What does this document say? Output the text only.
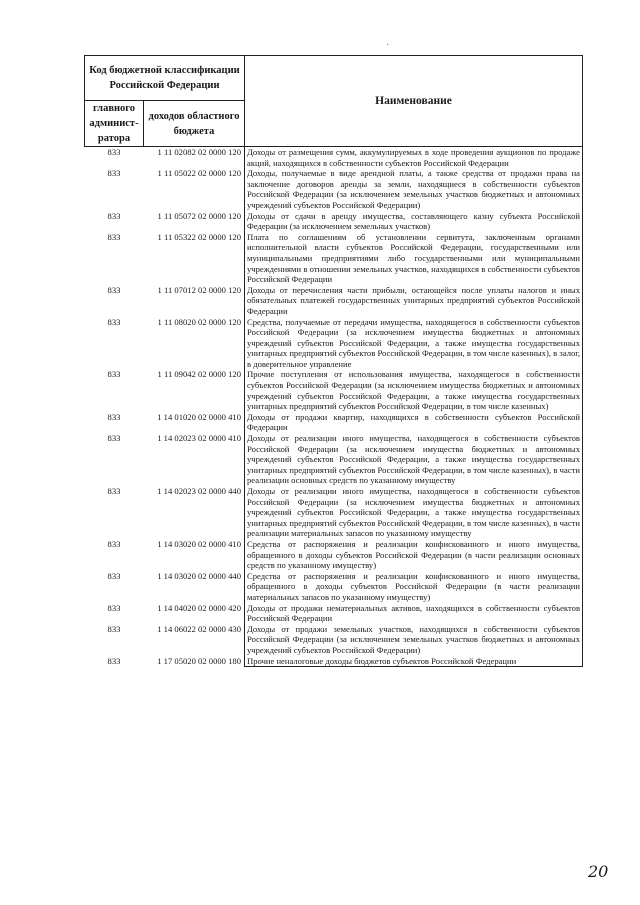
·
Код бюджетной классификации Российской Федерации		Наименование
главного админист-ратора	доходов областного бюджета	
833	1 11 02082 02 0000 120	Доходы от размещения сумм, аккумулируемых в ходе проведения аукционов по продаже акций, находящихся в собственности субъектов Российской Федерации
833	1 11 05022 02 0000 120	Доходы, получаемые в виде арендной платы, а также средства от продажи права на заключение договоров аренды за земли, находящиеся в собственности субъектов Российской Федерации (за исключением земельных участков бюджетных и автономных учреждений субъектов Российской Федерации)
833	1 11 05072 02 0000 120	Доходы от сдачи в аренду имущества, составляющего казну субъекта Российской Федерации (за исключением земельных участков)
833	1 11 05322 02 0000 120	Плата по соглашениям об установлении сервитута, заключенным органами исполнительной власти субъектов Российской Федерации, государственными или муниципальными предприятиями либо государственными или муниципальными учреждениями в отношении земельных участков, находящихся в собственности субъектов Российской Федерации
833	1 11 07012 02 0000 120	Доходы от перечисления части прибыли, остающейся после уплаты налогов и иных обязательных платежей государственных унитарных предприятий субъектов Российской Федерации
833	1 11 08020 02 0000 120	Средства, получаемые от передачи имущества, находящегося в собственности субъектов Российской Федерации (за исключением имущества бюджетных и автономных учреждений субъектов Российской Федерации, а также имущества государственных унитарных предприятий субъектов Российской Федерации, в том числе казенных), в залог, в доверительное управление
833	1 11 09042 02 0000 120	Прочие поступления от использования имущества, находящегося в собственности субъектов Российской Федерации (за исключением имущества бюджетных и автономных учреждений субъектов Российской Федерации, а также имущества государственных унитарных предприятий субъектов Российской Федерации, в том числе казенных)
833	1 14 01020 02 0000 410	Доходы от продажи квартир, находящихся в собственности субъектов Российской Федерации
833	1 14 02023 02 0000 410	Доходы от реализации иного имущества, находящегося в собственности субъектов Российской Федерации (за исключением имущества бюджетных и автономных учреждений субъектов Российской Федерации, а также имущества государственных унитарных предприятий субъектов Российской Федерации, в том числе казенных), в части реализации основных средств по указанному имуществу
833	1 14 02023 02 0000 440	Доходы от реализации иного имущества, находящегося в собственности субъектов Российской Федерации (за исключением имущества бюджетных и автономных учреждений субъектов Российской Федерации, а также имущества государственных унитарных предприятий субъектов Российской Федерации, в том числе казенных), в части реализации материальных запасов по указанному имуществу
833	1 14 03020 02 0000 410	Средства от распоряжения и реализации конфискованного и иного имущества, обращенного в доходы субъектов Российской Федерации (в части реализации основных средств по указанному имуществу)
833	1 14 03020 02 0000 440	Средства от распоряжения и реализации конфискованного и иного имущества, обращенного в доходы субъектов Российской Федерации (в части реализации материальных запасов по указанному имуществу)
833	1 14 04020 02 0000 420	Доходы от продажи нематериальных активов, находящихся в собственности субъектов Российской Федерации
833	1 14 06022 02 0000 430	Доходы от продажи земельных участков, находящихся в собственности субъектов Российской Федерации (за исключением земельных участков бюджетных и автономных учреждений субъектов Российской Федерации)
833	1 17 05020 02 0000 180	Прочие неналоговые доходы бюджетов субъектов Российской Федерации
20
